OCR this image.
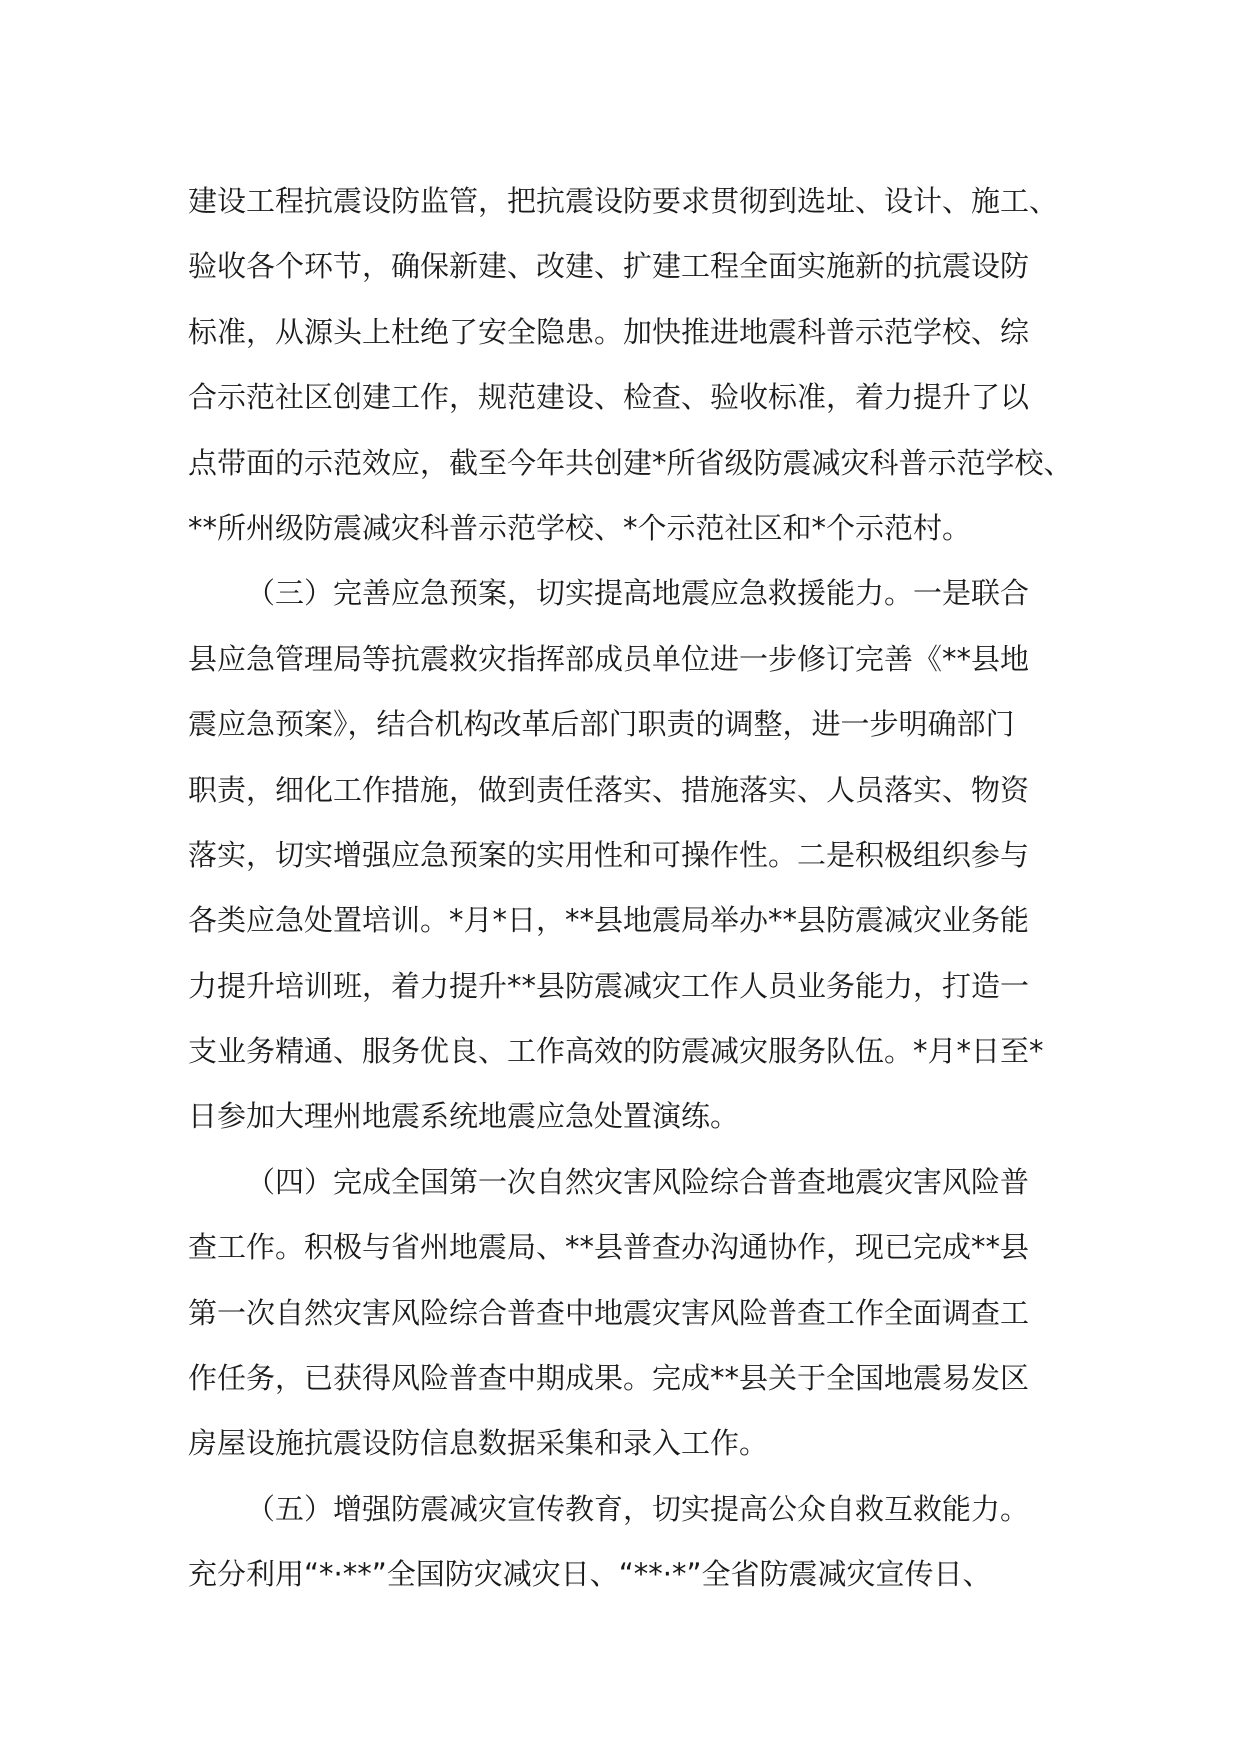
建设工程抗震设防监管，把抗震设防要求贯彻到选址、设计、施工、
验收各个环节，确保新建、改建、扩建工程全面实施新的抗震设防
标准，从源头上杜绝了安全隐患。加快推进地震科普示范学校、综
合示范社区创建工作，规范建设、检查、验收标准，着力提升了以
点带面的示范效应，截至今年共创建*所省级防震减灾科普示范学校、
**所州级防震减灾科普示范学校、*个示范社区和*个示范村。
（三）完善应急预案，切实提高地震应急救援能力。一是联合
县应急管理局等抗震救灾指挥部成员单位进一步修订完善《**县地
震应急预案》，结合机构改革后部门职责的调整，进一步明确部门
职责，细化工作措施，做到责任落实、措施落实、人员落实、物资
落实，切实增强应急预案的实用性和可操作性。二是积极组织参与
各类应急处置培训。*月*日，**县地震局举办**县防震减灾业务能
力提升培训班，着力提升**县防震减灾工作人员业务能力，打造一
支业务精通、服务优良、工作高效的防震减灾服务队伍。*月*日至*
日参加大理州地震系统地震应急处置演练。
（四）完成全国第一次自然灾害风险综合普查地震灾害风险普
查工作。积极与省州地震局、**县普查办沟通协作，现已完成**县
第一次自然灾害风险综合普查中地震灾害风险普查工作全面调查工
作任务，已获得风险普查中期成果。完成**县关于全国地震易发区
房屋设施抗震设防信息数据采集和录入工作。
（五）增强防震减灾宣传教育，切实提高公众自救互救能力。
充分利用“*·**”全国防灾减灾日、“**·*”全省防震减灾宣传日、
